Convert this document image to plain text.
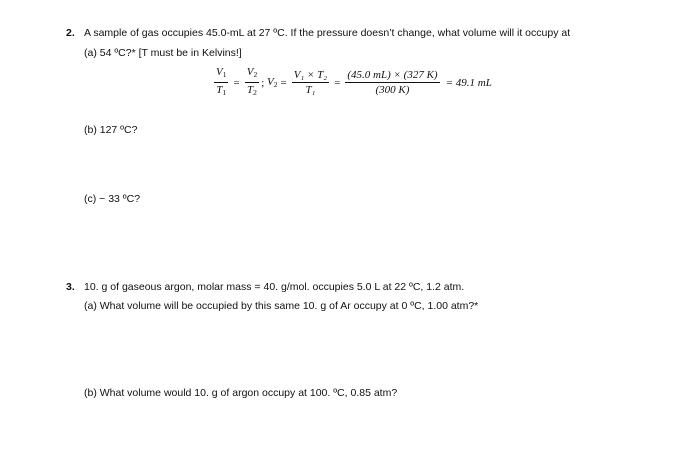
2. A sample of gas occupies 45.0-mL at 27 ºC. If the pressure doesn’t change, what volume will it occupy at
(a) 54 ºC?* [T must be in Kelvins!]
$\frac{V_1}{T_1} = \frac{V_2}{T_2}$ ;
$V_2 = \frac{\text{V₁ × T₂}}{\text{T₁}} = \frac{(45.0 mL) \times (327 K)}{(300 K)} = 49.1$ mL
(b) 127 ºC?
(c) − 33 ºC?
3. 10. g of gaseous argon, molar mass = 40. g/mol. occupies 5.0 L at 22 ºC, 1.2 atm.
(a) What volume will be occupied by this same 10. g of Ar occupy at 0 ºC, 1.00 atm?*
(b) What volume would 10. g of argon occupy at 100. ºC, 0.85 atm?
